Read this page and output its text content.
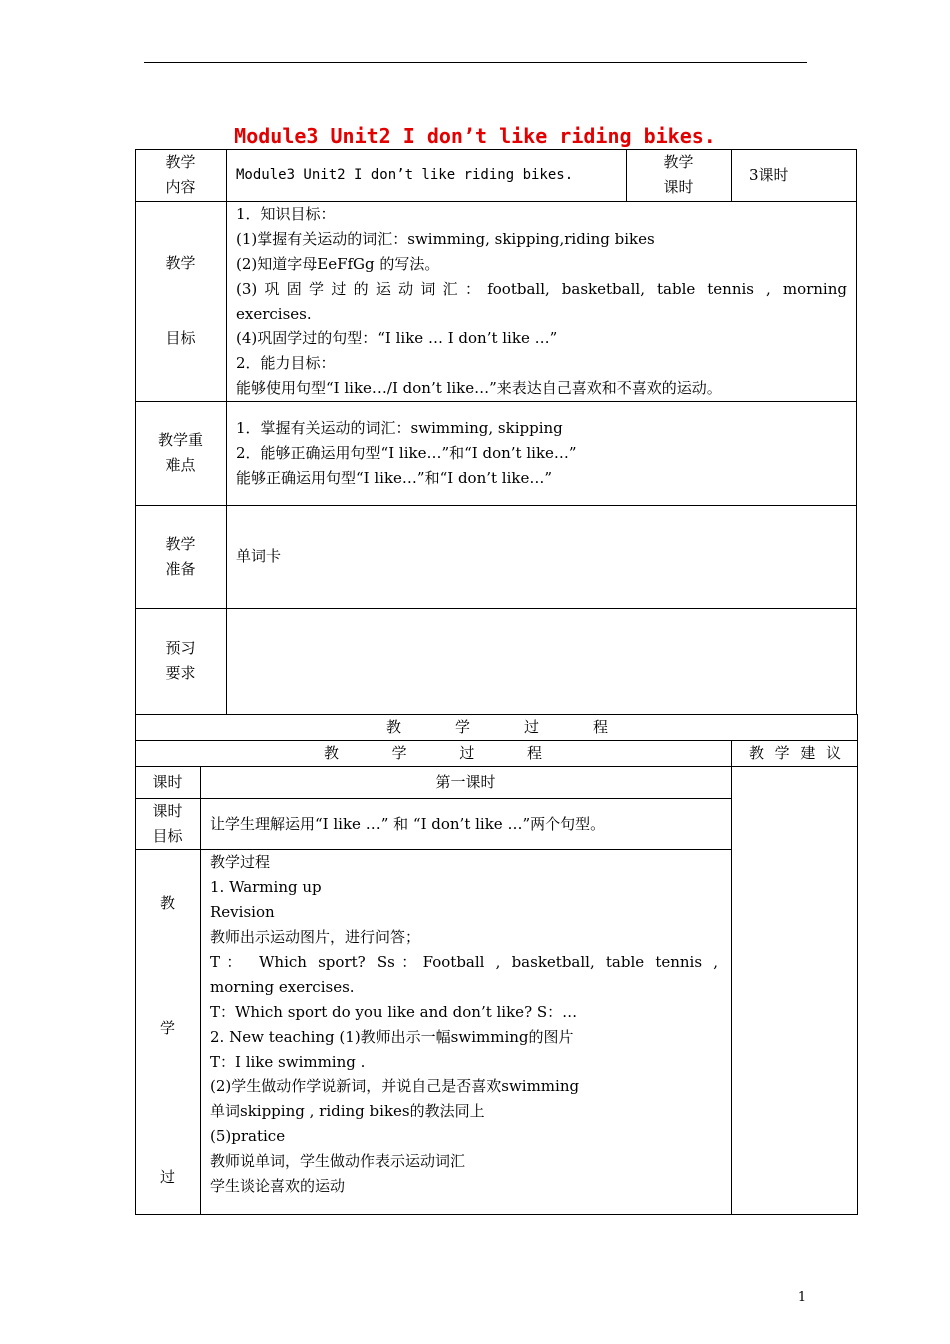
Module3 Unit2 I don’t like riding bikes.
教学
内容
Module3 Unit2 I don’t like riding bikes.
教学
课时
3课时
教学
目标
1．知识目标：
(1)掌握有关运动的词汇：swimming, skipping,riding bikes
(2)知道字母EeFfGg 的写法。
(3)巩固学过的运动词汇：football, basketball, table tennis , morning
exercises.
(4)巩固学过的句型：“I like … I don’t like …”
2．能力目标：
能够使用句型“I like…/I don’t like…”来表达自己喜欢和不喜欢的运动。
教学重
难点
1．掌握有关运动的词汇：swimming, skipping
2．能够正确运用句型“I like…”和“I don’t like…”
能够正确运用句型“I like…”和“I don’t like…”
教学
准备
单词卡
预习
要求
教 学 过 程
教 学 过 程	教学建议
课时	第一课时
课时
目标
让学生理解运用“I like …” 和 “I don’t like …”两个句型。
教
学
过
教学过程
1. Warming up
Revision
教师出示运动图片，进行问答；
T： Which sport? Ss：Football , basketball, table tennis ,
morning exercises.
T：Which sport do you like and don’t like? S：…
2. New teaching (1)教师出示一幅swimming的图片
T：I like swimming .
(2)学生做动作学说新词，并说自己是否喜欢swimming
单词skipping , riding bikes的教法同上
(5)pratice
教师说单词，学生做动作表示运动词汇
学生谈论喜欢的运动
1
